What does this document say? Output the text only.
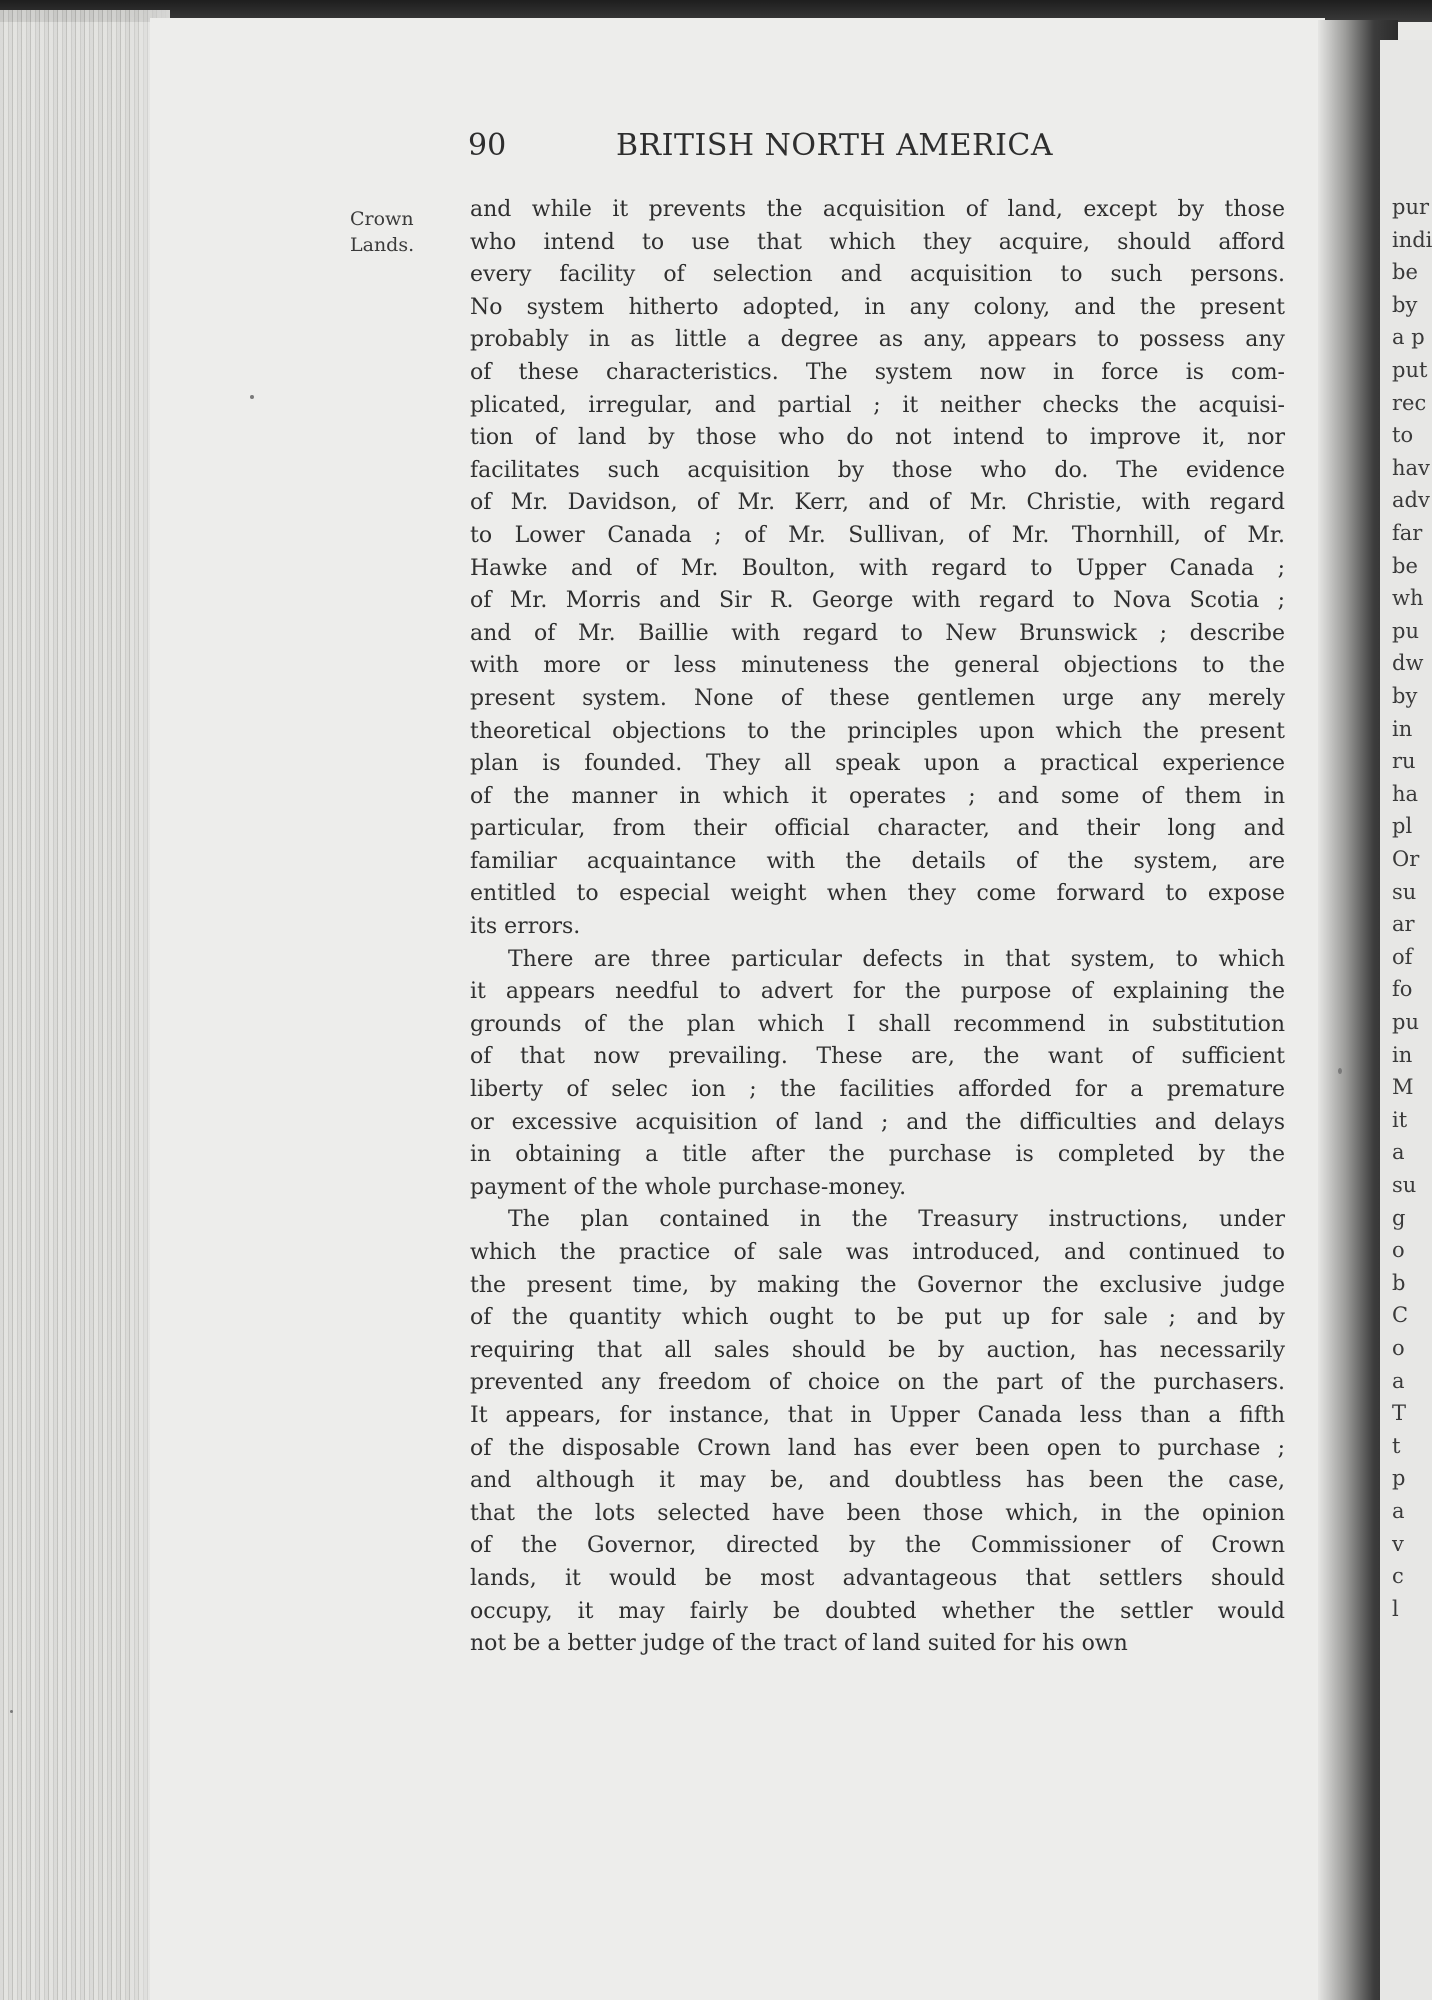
pur
indi
be
by
a p
put
rec
to
hav
adv
far
be
wh
pu
dw
by
in
ru
ha
pl
Or
su
ar
of
fo
pu
in
M
it
a
su
g
o
b
C
o
a
T
t
p
a
v
c
l
90	BRITISH NORTH AMERICA
Crown
Lands.
and while it prevents the acquisition of land, except by those
who intend to use that which they acquire, should afford
every facility of selection and acquisition to such persons.
No system hitherto adopted, in any colony, and the present
probably in as little a degree as any, appears to possess any
of these characteristics. The system now in force is com-
plicated, irregular, and partial ; it neither checks the acquisi-
tion of land by those who do not intend to improve it, nor
facilitates such acquisition by those who do. The evidence
of Mr. Davidson, of Mr. Kerr, and of Mr. Christie, with regard
to Lower Canada ; of Mr. Sullivan, of Mr. Thornhill, of Mr.
Hawke and of Mr. Boulton, with regard to Upper Canada ;
of Mr. Morris and Sir R. George with regard to Nova Scotia ;
and of Mr. Baillie with regard to New Brunswick ; describe
with more or less minuteness the general objections to the
present system. None of these gentlemen urge any merely
theoretical objections to the principles upon which the present
plan is founded. They all speak upon a practical experience
of the manner in which it operates ; and some of them in
particular, from their official character, and their long and
familiar acquaintance with the details of the system, are
entitled to especial weight when they come forward to expose
its errors.
There are three particular defects in that system, to which
it appears needful to advert for the purpose of explaining the
grounds of the plan which I shall recommend in substitution
of that now prevailing. These are, the want of sufficient
liberty of selec ion ; the facilities afforded for a premature
or excessive acquisition of land ; and the difficulties and delays
in obtaining a title after the purchase is completed by the
payment of the whole purchase-money.
The plan contained in the Treasury instructions, under
which the practice of sale was introduced, and continued to
the present time, by making the Governor the exclusive judge
of the quantity which ought to be put up for sale ; and by
requiring that all sales should be by auction, has necessarily
prevented any freedom of choice on the part of the purchasers.
It appears, for instance, that in Upper Canada less than a fifth
of the disposable Crown land has ever been open to purchase ;
and although it may be, and doubtless has been the case,
that the lots selected have been those which, in the opinion
of the Governor, directed by the Commissioner of Crown
lands, it would be most advantageous that settlers should
occupy, it may fairly be doubted whether the settler would
not be a better judge of the tract of land suited for his own
